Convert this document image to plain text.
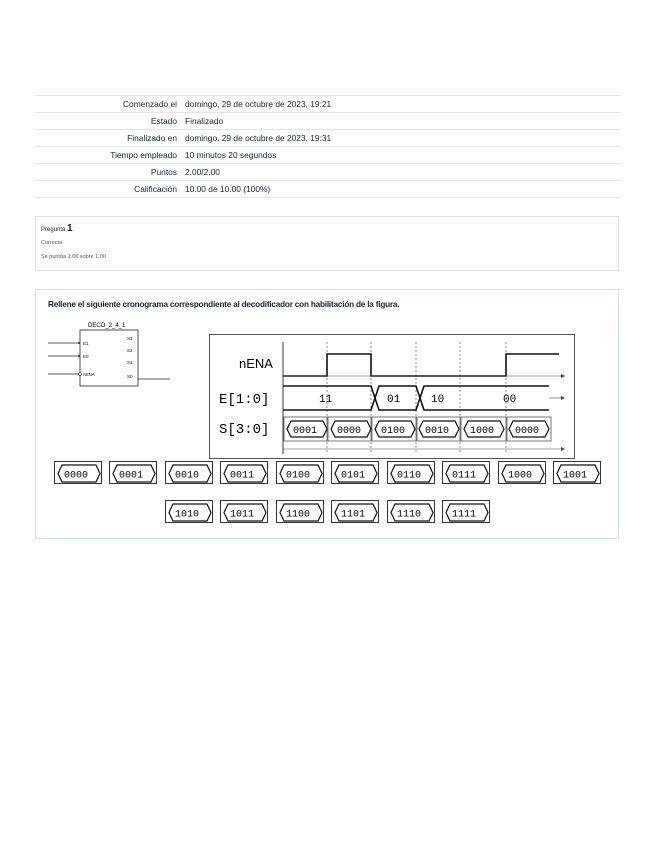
Comenzado el	domingo, 29 de octubre de 2023, 19:21
Estado	Finalizado
Finalizado en	domingo, 29 de octubre de 2023, 19:31
Tiempo empleado	10 minutos 20 segundos
Puntos	2.00/2.00
Calificación	10.00 de 10.00 (100%)
Pregunta 1
Correcta
Se puntúa 1.00 sobre 1.00
Rellene el siguiente cronograma correspondiente al decodificador con habilitación de la figura.
DECO_2_4_1
E1
E0
nENA
S3
S2
S1
S0
nENA
E[1:0]
S[3:0]
11	01	10	00
0001 0000 0100 0010 1000 0000
0000	0001	0010	0011	0100	0101	0110	0111	1000	1001
1010	1011	1100	1101	1110	1111
